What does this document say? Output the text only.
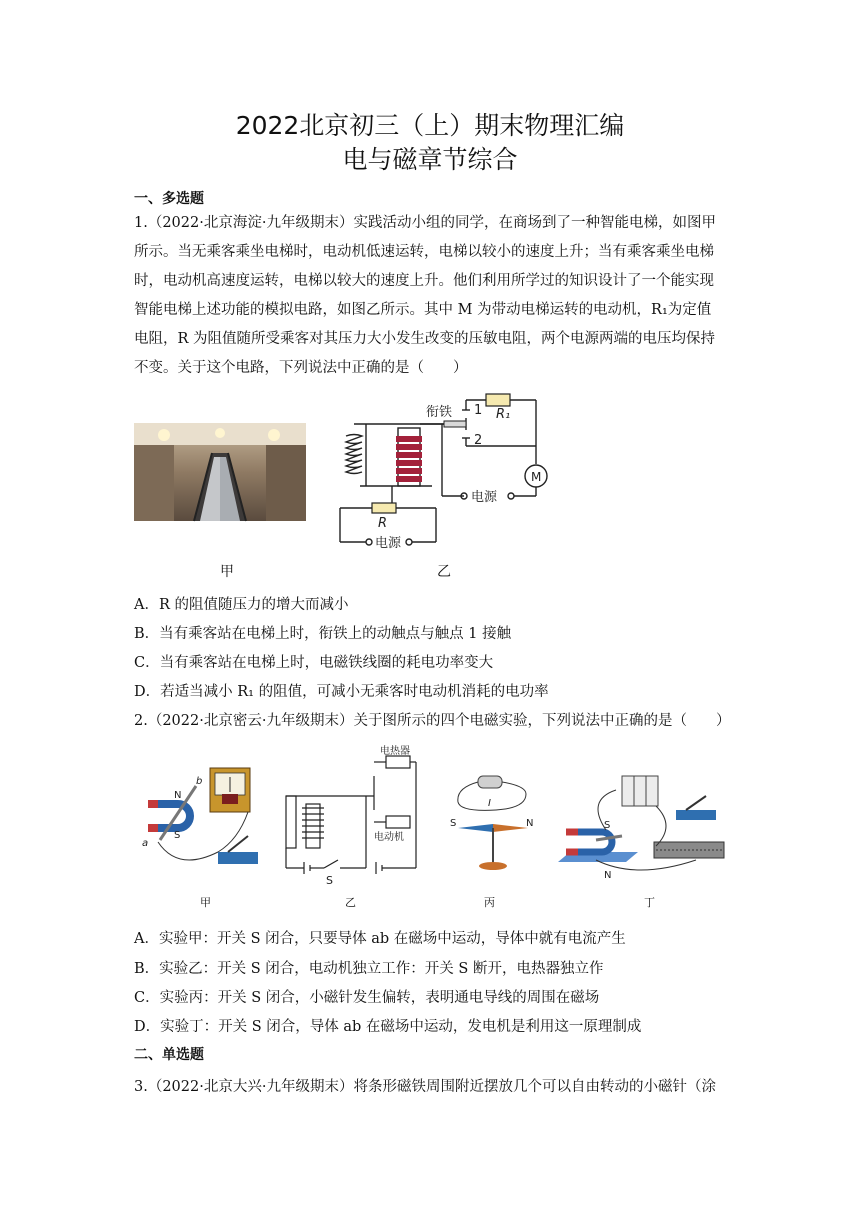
2022北京初三（上）期末物理汇编
电与磁章节综合
一、多选题
1.（2022·北京海淀·九年级期末）实践活动小组的同学，在商场到了一种智能电梯，如图甲
所示。当无乘客乘坐电梯时，电动机低速运转，电梯以较小的速度上升；当有乘客乘坐电梯
时，电动机高速度运转，电梯以较大的速度上升。他们利用所学过的知识设计了一个能实现
智能电梯上述功能的模拟电路，如图乙所示。其中 M 为带动电梯运转的电动机，R₁为定值
电阻，R 为阻值随所受乘客对其压力大小发生改变的压敏电阻，两个电源两端的电压均保持
不变。关于这个电路，下列说法中正确的是（　　）
甲
衔铁 1
2
R₁
M
电源
R
电源
乙
A．R 的阻值随压力的增大而减小
B．当有乘客站在电梯上时，衔铁上的动触点与触点 1 接触
C．当有乘客站在电梯上时，电磁铁线圈的耗电功率变大
D．若适当减小 R₁ 的阻值，可减小无乘客时电动机消耗的电功率
2.（2022·北京密云·九年级期末）关于图所示的四个电磁实验，下列说法中正确的是（　　）
N
S
b
a
电热器
电动机
S
I
S	N	S
N
甲	乙	丙	丁
A．实验甲：开关 S 闭合，只要导体 ab 在磁场中运动，导体中就有电流产生
B．实验乙：开关 S 闭合，电动机独立工作：开关 S 断开，电热器独立作
C．实验丙：开关 S 闭合，小磁针发生偏转，表明通电导线的周围在磁场
D．实验丁：开关 S 闭合，导体 ab 在磁场中运动，发电机是利用这一原理制成
二、单选题
3.（2022·北京大兴·九年级期末）将条形磁铁周围附近摆放几个可以自由转动的小磁针（涂
